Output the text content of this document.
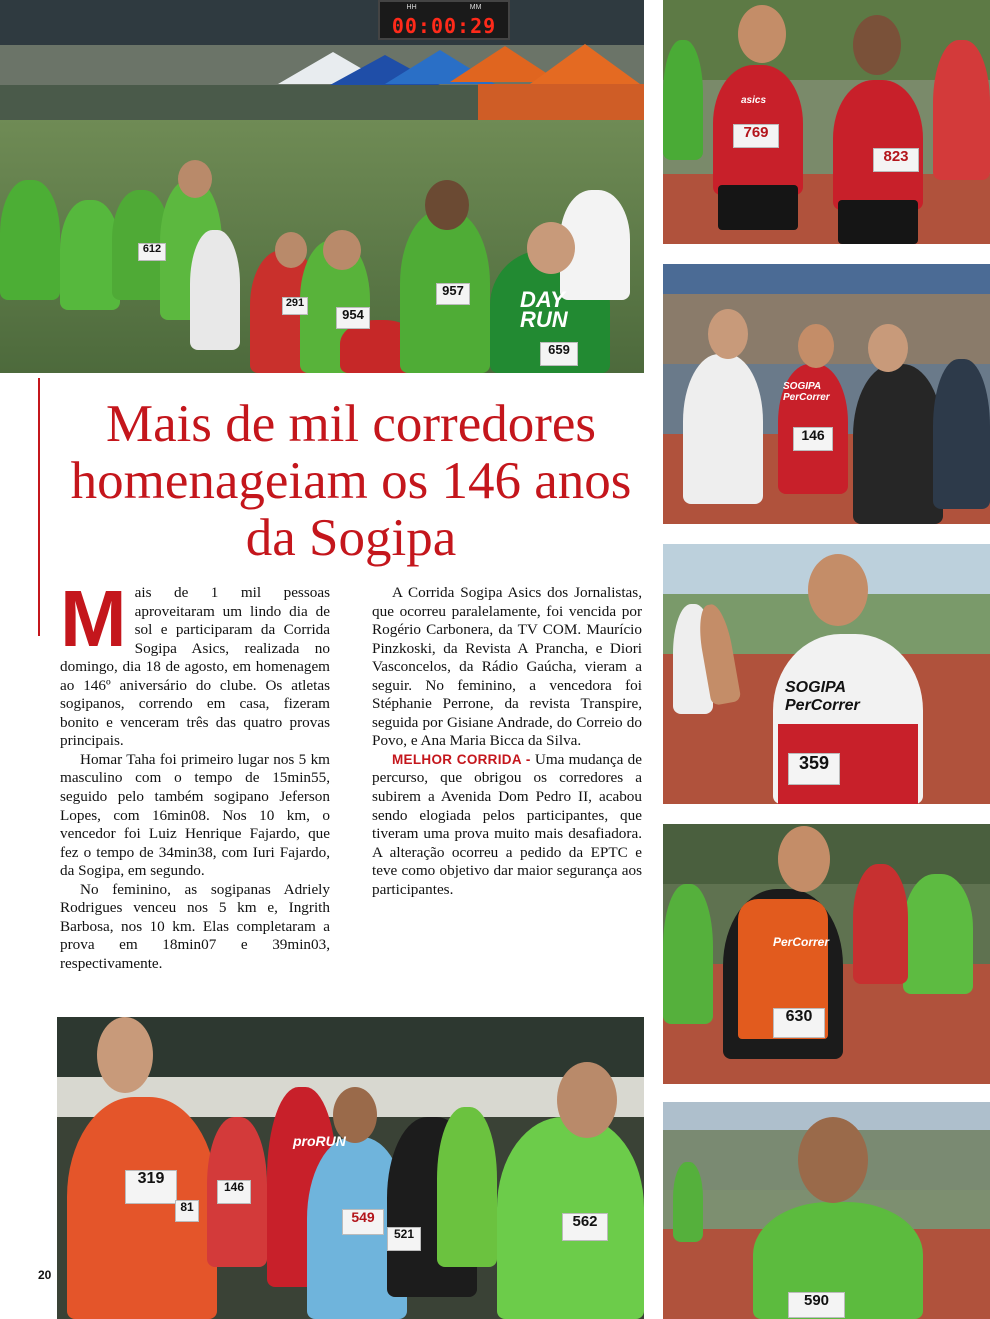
612
957
954
659
291	DAY RUN
HH	MM
00:00:29
769
823
asics
146
SOGIPA PerCorrer
359
SOGIPA PerCorrer
630
PerCorrer
590
319	146
549	562
521
81
proRUN
Mais de mil corredores homenageiam os 146 anos da Sogipa
M ais de 1 mil pessoas aproveitaram um lindo dia de sol e participaram da Corrida Sogipa Asics, realizada no domingo, dia 18 de agosto, em homenagem ao 146º aniversário do clube. Os atletas sogipanos, correndo em casa, fizeram bonito e venceram três das quatro provas principais.

Homar Taha foi primeiro lugar nos 5 km masculino com o tempo de 15min55, seguido pelo também sogipano Jeferson Lopes, com 16min08. Nos 10 km, o vencedor foi Luiz Henrique Fajardo, que fez o tempo de 34min38, com Iuri Fajardo, da Sogipa, em segundo.

No feminino, as sogipanas Adriely Rodrigues venceu nos 5 km e, Ingrith Barbosa, nos 10 km. Elas completaram a prova em 18min07 e 39min03, respectivamente.

A Corrida Sogipa Asics dos Jornalistas, que ocorreu paralelamente, foi vencida por Rogério Carbonera, da TV COM. Maurício Pinzkoski, da Revista A Prancha, e Diori Vasconcelos, da Rádio Gaúcha, vieram a seguir. No feminino, a vencedora foi Stéphanie Perrone, da revista Transpire, seguida por Gisiane Andrade, do Correio do Povo, e Ana Maria Bicca da Silva.

MELHOR CORRIDA - Uma mudança de percurso, que obrigou os corredores a subirem a Avenida Dom Pedro II, acabou sendo elogiada pelos participantes, que tiveram uma prova muito mais desafiadora. A alteração ocorreu a pedido da EPTC e teve como objetivo dar maior segurança aos participantes.

20
